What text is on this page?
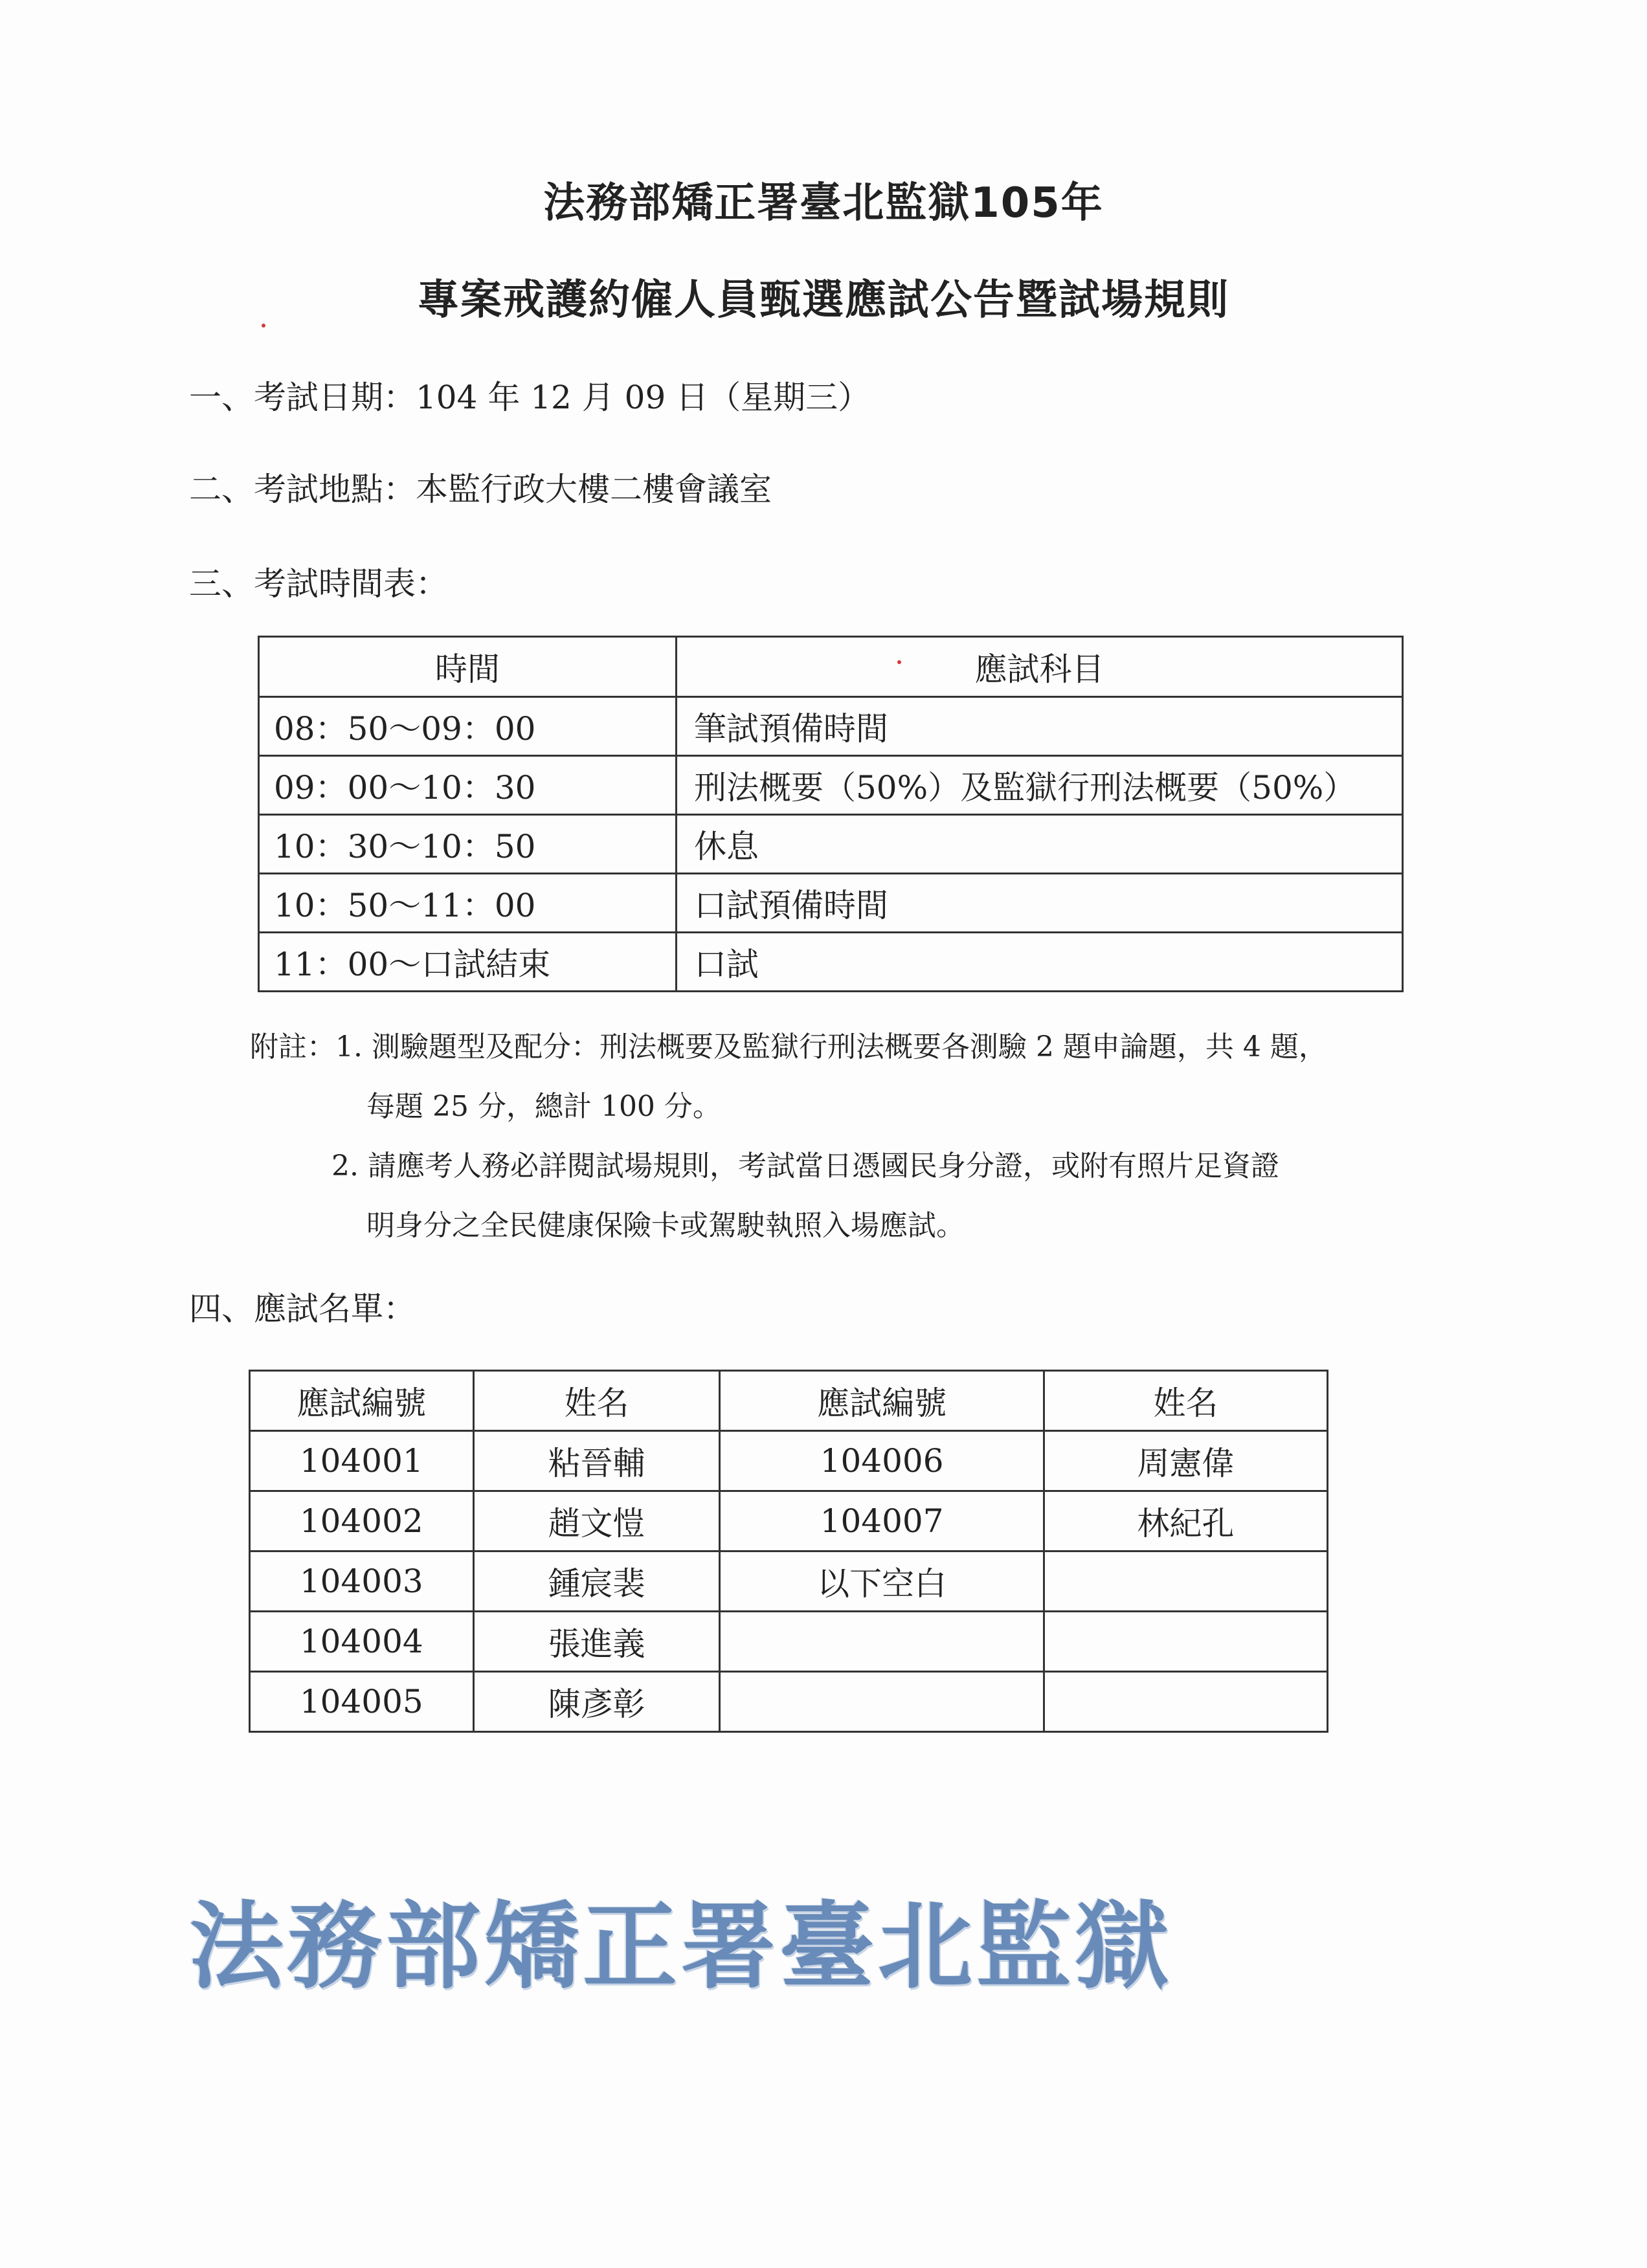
法務部矯正署臺北監獄105年
專案戒護約僱人員甄選應試公告暨試場規則
一、考試日期：104 年 12 月 09 日（星期三）
二、考試地點：本監行政大樓二樓會議室
三、考試時間表：
時間	應試科目
08：50～09：00	筆試預備時間
09：00～10：30	刑法概要（50%）及監獄行刑法概要（50%）
10：30～10：50	休息
10：50～11：00	口試預備時間
11：00～口試結束	口試
附註：1. 測驗題型及配分：刑法概要及監獄行刑法概要各測驗 2 題申論題，共 4 題，
每題 25 分，總計 100 分。
2. 請應考人務必詳閱試場規則，考試當日憑國民身分證，或附有照片足資證
明身分之全民健康保險卡或駕駛執照入場應試。
四、應試名單：
應試編號	姓名	應試編號	姓名
104001	粘晉輔	104006	周憲偉
104002	趙文愷	104007	林紀孔
104003	鍾宸裴	以下空白	
104004	張進義		
104005	陳彥彰		
法務部矯正署臺北監獄
